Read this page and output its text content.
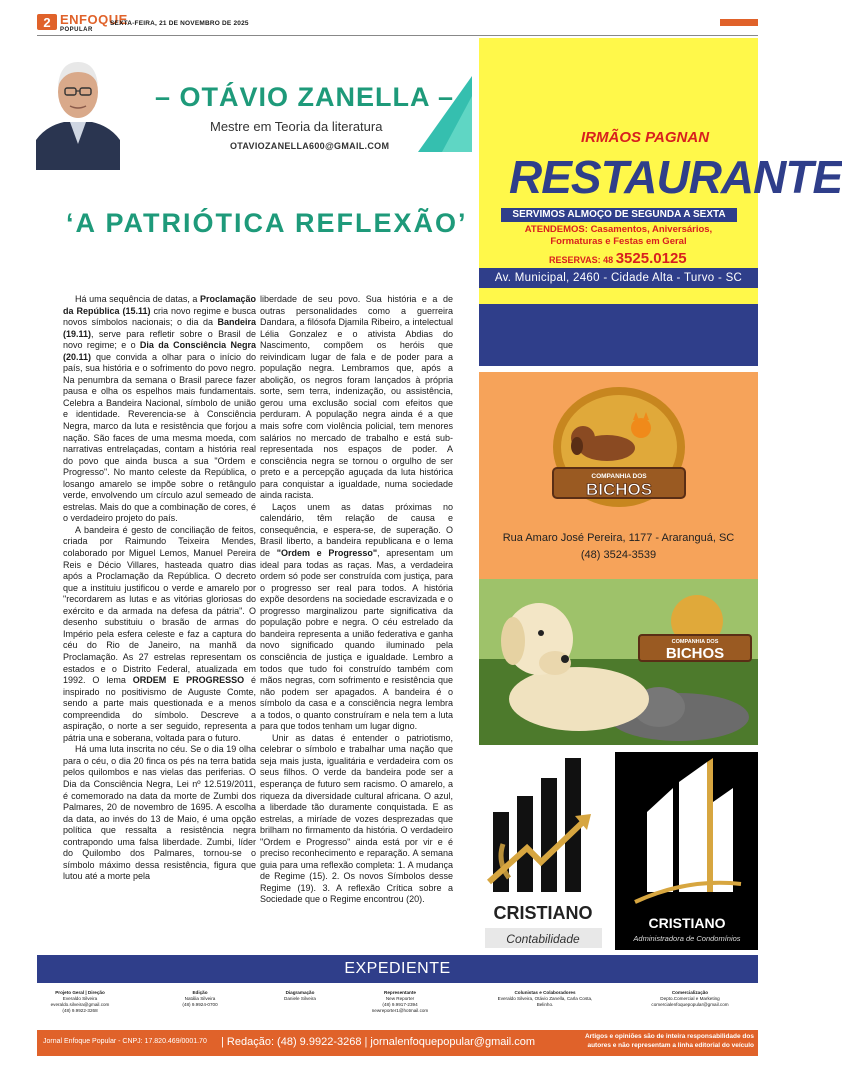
2 ENFOQUE
POPULAR
SEXTA-FEIRA, 21 DE NOVEMBRO DE 2025
– OTÁVIO ZANELLA –
Mestre em Teoria da literatura
OTAVIOZANELLA600@GMAIL.COM
‘A PATRIÓTICA REFLEXÃO’

Há uma sequência de datas, a Proclamação da República (15.11) cria novo regime e busca novos símbolos nacionais; o dia da Bandeira (19.11), serve para refletir sobre o Brasil de novo regime; e o Dia da Consciência Negra (20.11) que convida a olhar para o início do país, sua história e o sofrimento do povo negro. Na penumbra da semana o Brasil parece fazer pausa e olha os espelhos mais fundamentais. Celebra a Bandeira Nacional, símbolo de união e identidade. Reverencia-se à Consciência Negra, marco da luta e resistência que forjou a nação. São faces de uma mesma moeda, com narrativas entrelaçadas, contam a história real do povo que ainda busca a sua "Ordem e Progresso". No manto celeste da República, o losango amarelo se impõe sobre o retângulo verde, envolvendo um círculo azul semeado de estrelas. Mais do que a combinação de cores, é o verdadeiro projeto do país.

A bandeira é gesto de conciliação de feitos, criada por Raimundo Teixeira Mendes, colaborado por Miguel Lemos, Manuel Pereira Reis e Décio Villares, hasteada quatro dias após a Proclamação da República. O decreto que a instituiu justificou o verde e amarelo por "recordarem as lutas e as vitórias gloriosas do exército e da armada na defesa da pátria". O desenho substituiu o brasão de armas do Império pela esfera celeste e faz a captura do céu do Rio de Janeiro, na manhã da Proclamação. As 27 estrelas representam os estados e o Distrito Federal, atualizada em 1992. O lema ORDEM E PROGRESSO é inspirado no positivismo de Auguste Comte, sendo a parte mais questionada e a menos compreendida do símbolo. Descreve a aspiração, o norte a ser seguido, representa a pátria una e soberana, voltada para o futuro.

Há uma luta inscrita no céu. Se o dia 19 olha para o céu, o dia 20 finca os pés na terra batida pelos quilombos e nas vielas das periferias. O Dia da Consciência Negra, Lei nº 12.519/2011, é comemorado na data da morte de Zumbi dos Palmares, 20 de novembro de 1695. A escolha da data, ao invés do 13 de Maio, é uma opção política que ressalta a resistência negra contrapondo uma falsa liberdade. Zumbi, líder do Quilombo dos Palmares, tornou-se o símbolo máximo dessa resistência, figura que lutou até a morte pela

liberdade de seu povo. Sua história e a de outras personalidades como a guerreira Dandara, a filósofa Djamila Ribeiro, a intelectual Lélia Gonzalez e o ativista Abdias do Nascimento, compõem os heróis que reivindicam lugar de fala e de poder para a população negra. Lembramos que, após a abolição, os negros foram lançados à própria sorte, sem terra, indenização, ou assistência, gerou uma exclusão social com efeitos que perduram. A população negra ainda é a que mais sofre com violência policial, tem menores salários no mercado de trabalho e está sub-representada nos espaços de poder. A consciência negra se tornou o orgulho de ser preto e a percepção aguçada da luta histórica para conquistar a igualdade, numa sociedade ainda racista.

Laços unem as datas próximas no calendário, têm relação de causa e consequência, e espera-se, de superação. O Brasil liberto, a bandeira republicana e o lema de "Ordem e Progresso", apresentam um ideal para todas as raças. Mas, a verdadeira ordem só pode ser construída com justiça, para o progresso ser real para todos. A história expõe desordens na sociedade escravizada e o progresso marginalizou parte significativa da população pobre e negra. O céu estrelado da bandeira representa a união federativa e ganha novo significado quando iluminado pela consciência de justiça e igualdade. Lembro a todos que tudo foi construído também com mãos negras, com sofrimento e resistência que não podem ser apagados. A bandeira é o símbolo da casa e a consciência negra lembra a todos, o quanto construíram e nela tem a luta para que todos tenham um lugar digno.

Unir as datas é entender o patriotismo, celebrar o símbolo e trabalhar uma nação que seja mais justa, igualitária e verdadeira com os seus filhos. O verde da bandeira pode ser a esperança de futuro sem racismo. O amarelo, a riqueza da diversidade cultural africana. O azul, a liberdade tão duramente conquistada. E as estrelas, a miríade de vozes desprezadas que brilham no firmamento da história. O verdadeiro "Ordem e Progresso" ainda está por vir e é preciso reconhecimento e reparação. A semana guia para uma reflexão completa: 1. A mudança de Regime (15). 2. Os novos Símbolos desse Regime (19). 3. A reflexão Crítica sobre a Sociedade que o Regime encontrou (20).

IRMÃOS PAGNAN
RESTAURANTE
SERVIMOS ALMOÇO DE SEGUNDA A SEXTA
ATENDEMOS: Casamentos, Aniversários,
Formaturas e Festas em Geral
RESERVAS: 48 3525.0125
Av. Municipal, 2460 - Cidade Alta - Turvo - SC
COMPANHIA DOS
BICHOS
Rua Amaro José Pereira, 1177 - Araranguá, SC
(48) 3524-3539
COMPANHIA DOS
BICHOS
CRISTIANO
Contabilidade
CRISTIANO
Administradora de Condomínios
EXPEDIENTE
Projeto Geral | Direção
Everaldo Silveira
everaldo.silveira@gmail.com
(48) 9.9922-3268
Edição
Natália Silveira
(48) 9.9924-0700
Diagramação
Daniele Silveira
Representante
New Reporter
(48) 9.9917-2394
newreporter1@hotmail.com
Colunistas e Colaboradores
Everaldo Silveira, Otávio Zanella, Carla Costa, Belinho.
Comercialização
Depto.Comercial e Marketing
comercialenfoquepopular@gmail.com
Jornal Enfoque Popular - CNPJ: 17.820.469/0001.70 | Redação: (48) 9.9922-3268 | jornalenfoquepopular@gmail.com	Artigos e opiniões são de inteira responsabilidade dos autores e não representam a linha editorial do veículo
